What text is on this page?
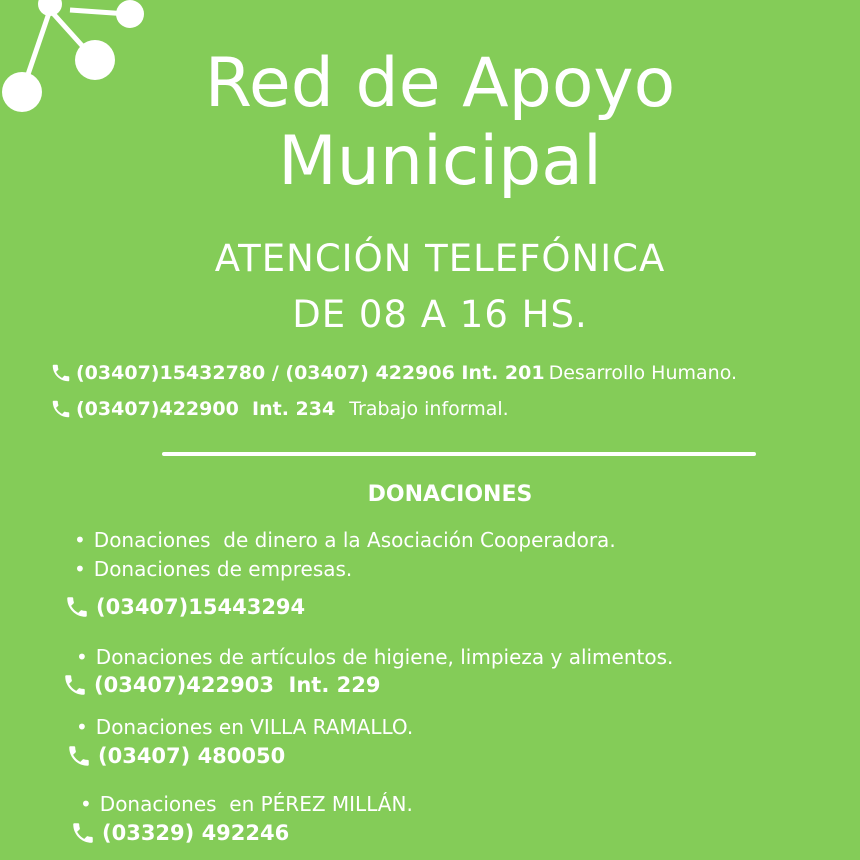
Red de Apoyo
Municipal
ATENCIÓN TELEFÓNICA
DE 08 A 16 HS.
(03407)15432780 / (03407) 422906 Int. 201 Desarrollo Humano.
(03407)422900  Int. 234 Trabajo informal.
DONACIONES
• Donaciones  de dinero a la Asociación Cooperadora.
• Donaciones de empresas.
(03407)15443294
• Donaciones de artículos de higiene, limpieza y alimentos.
(03407)422903  Int. 229
• Donaciones en VILLA RAMALLO.
(03407) 480050
• Donaciones  en PÉREZ MILLÁN.
(03329) 492246
